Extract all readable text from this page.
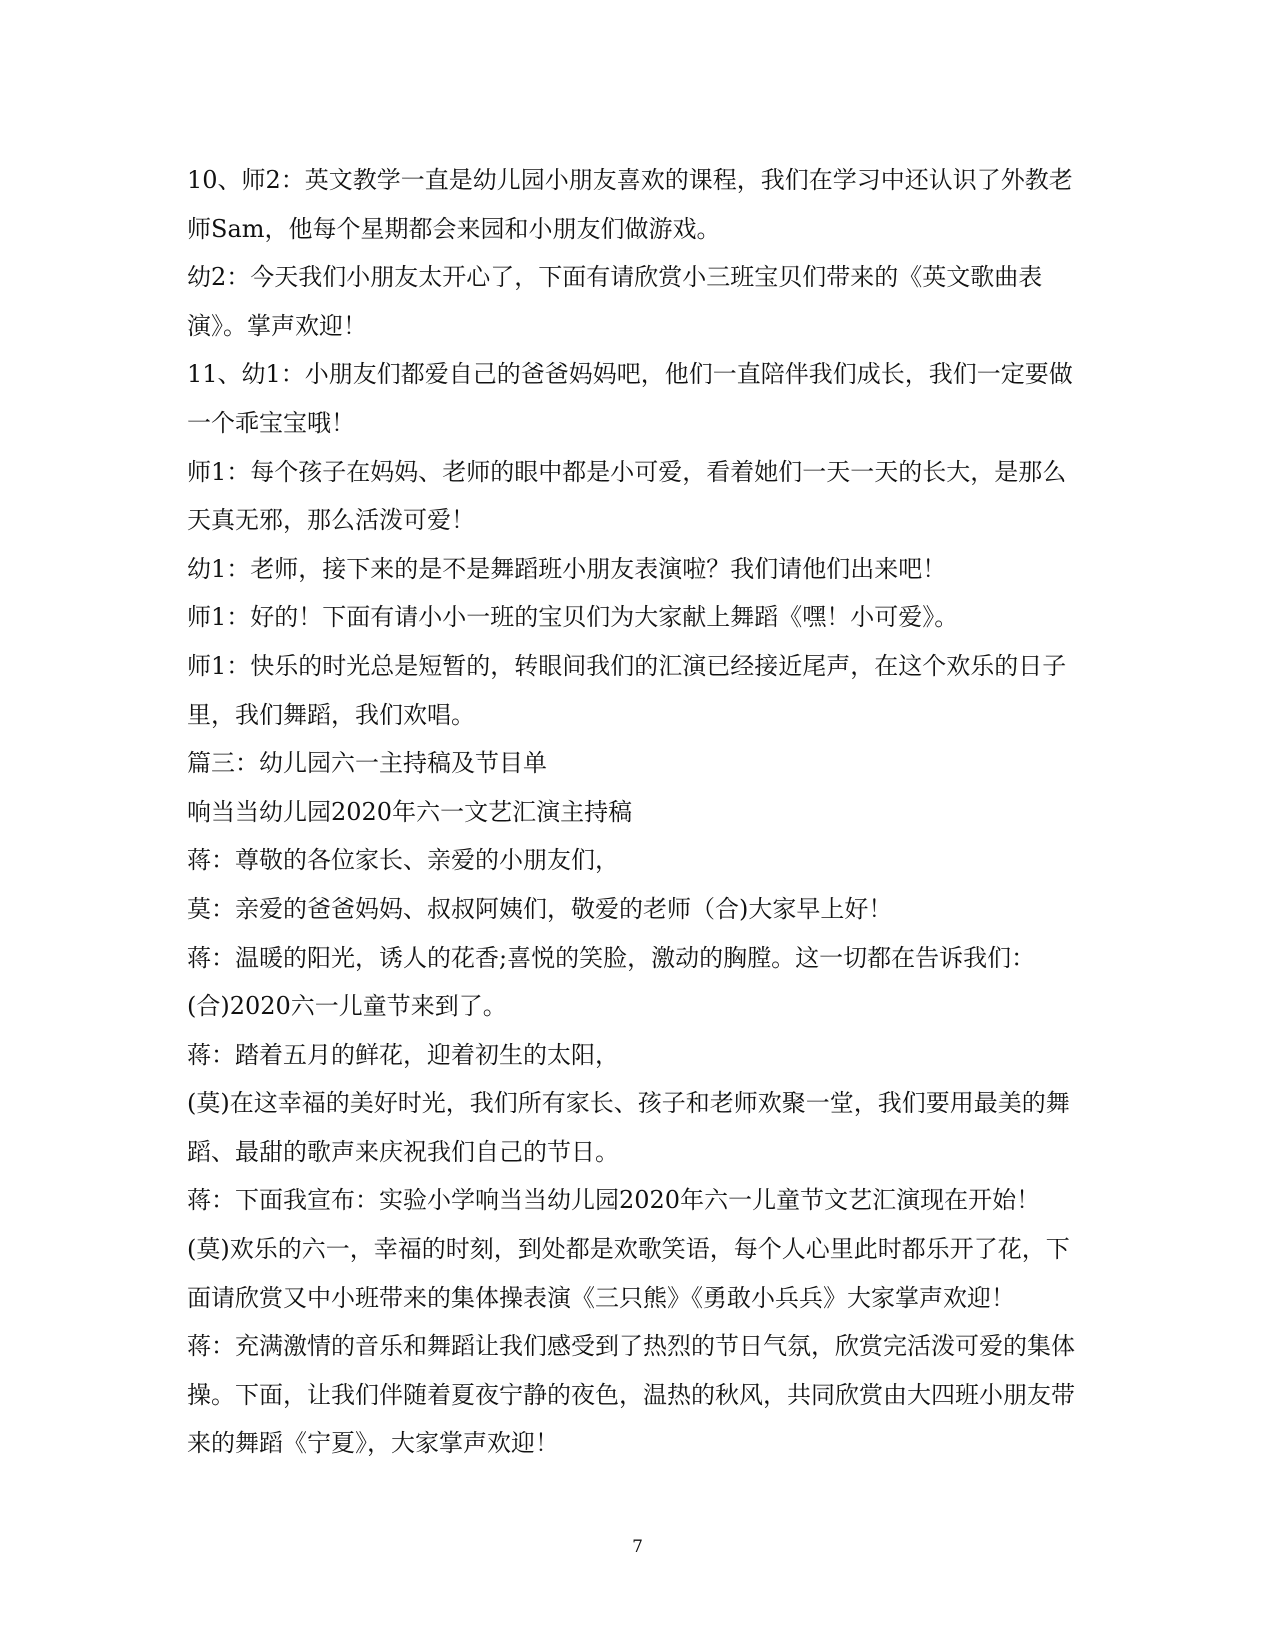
10、师2：英文教学一直是幼儿园小朋友喜欢的课程，我们在学习中还认识了外教老师Sam，他每个星期都会来园和小朋友们做游戏。

幼2：今天我们小朋友太开心了，下面有请欣赏小三班宝贝们带来的《英文歌曲表演》。掌声欢迎！

11、幼1：小朋友们都爱自己的爸爸妈妈吧，他们一直陪伴我们成长，我们一定要做一个乖宝宝哦！

师1：每个孩子在妈妈、老师的眼中都是小可爱，看着她们一天一天的长大，是那么天真无邪，那么活泼可爱！

幼1：老师，接下来的是不是舞蹈班小朋友表演啦？我们请他们出来吧！

师1：好的！下面有请小小一班的宝贝们为大家献上舞蹈《嘿！小可爱》。

师1：快乐的时光总是短暂的，转眼间我们的汇演已经接近尾声，在这个欢乐的日子里，我们舞蹈，我们欢唱。

篇三：幼儿园六一主持稿及节目单

响当当幼儿园2020年六一文艺汇演主持稿

蒋：尊敬的各位家长、亲爱的小朋友们，

莫：亲爱的爸爸妈妈、叔叔阿姨们，敬爱的老师（合)大家早上好！

蒋：温暖的阳光，诱人的花香;喜悦的笑脸，激动的胸膛。这一切都在告诉我们：

(合)2020六一儿童节来到了。

蒋：踏着五月的鲜花，迎着初生的太阳，

(莫)在这幸福的美好时光，我们所有家长、孩子和老师欢聚一堂，我们要用最美的舞蹈、最甜的歌声来庆祝我们自己的节日。

蒋：下面我宣布：实验小学响当当幼儿园2020年六一儿童节文艺汇演现在开始！

(莫)欢乐的六一，幸福的时刻，到处都是欢歌笑语，每个人心里此时都乐开了花，下面请欣赏又中小班带来的集体操表演《三只熊》《勇敢小兵兵》大家掌声欢迎！

蒋：充满激情的音乐和舞蹈让我们感受到了热烈的节日气氛，欣赏完活泼可爱的集体操。下面，让我们伴随着夏夜宁静的夜色，温热的秋风，共同欣赏由大四班小朋友带来的舞蹈《宁夏》，大家掌声欢迎！

7
